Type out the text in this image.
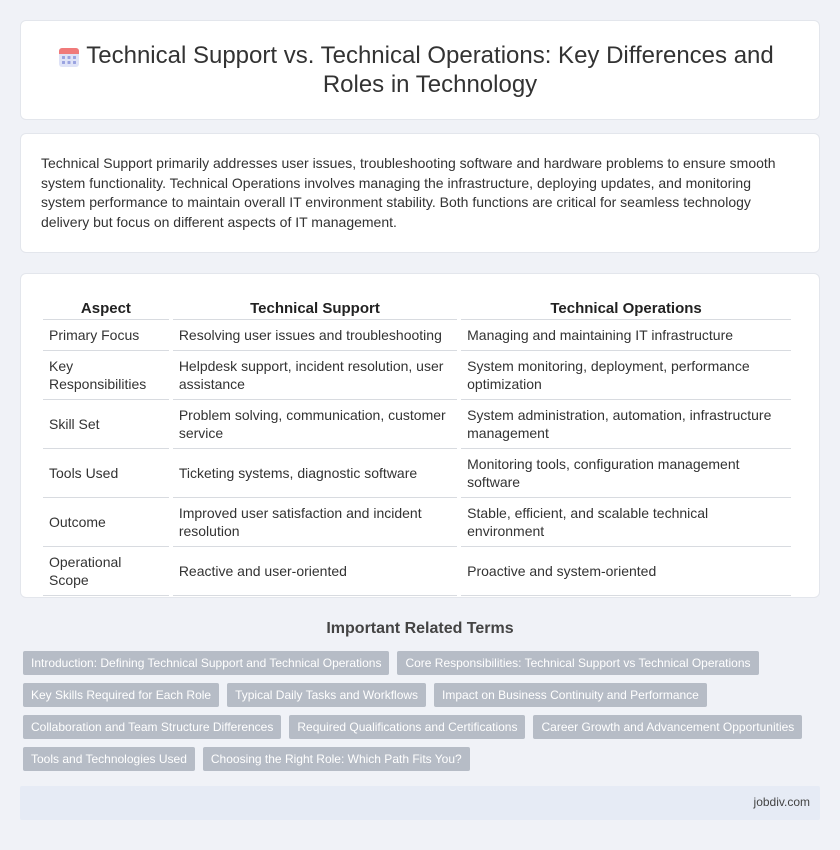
Technical Support vs. Technical Operations: Key Differences and Roles in Technology

Technical Support primarily addresses user issues, troubleshooting software and hardware problems to ensure smooth system functionality. Technical Operations involves managing the infrastructure, deploying updates, and monitoring system performance to maintain overall IT environment stability. Both functions are critical for seamless technology delivery but focus on different aspects of IT management.

Aspect	Technical Support	Technical Operations
Primary Focus	Resolving user issues and troubleshooting	Managing and maintaining IT infrastructure
Key Responsibilities	Helpdesk support, incident resolution, user assistance	System monitoring, deployment, performance optimization
Skill Set	Problem solving, communication, customer service	System administration, automation, infrastructure management
Tools Used	Ticketing systems, diagnostic software	Monitoring tools, configuration management software
Outcome	Improved user satisfaction and incident resolution	Stable, efficient, and scalable technical environment
Operational Scope	Reactive and user-oriented	Proactive and system-oriented
Important Related Terms
Introduction: Defining Technical Support and Technical Operations	Core Responsibilities: Technical Support vs Technical Operations
Key Skills Required for Each Role	Typical Daily Tasks and Workflows	Impact on Business Continuity and Performance
Collaboration and Team Structure Differences	Required Qualifications and Certifications	Career Growth and Advancement Opportunities
Tools and Technologies Used	Choosing the Right Role: Which Path Fits You?
jobdiv.com
